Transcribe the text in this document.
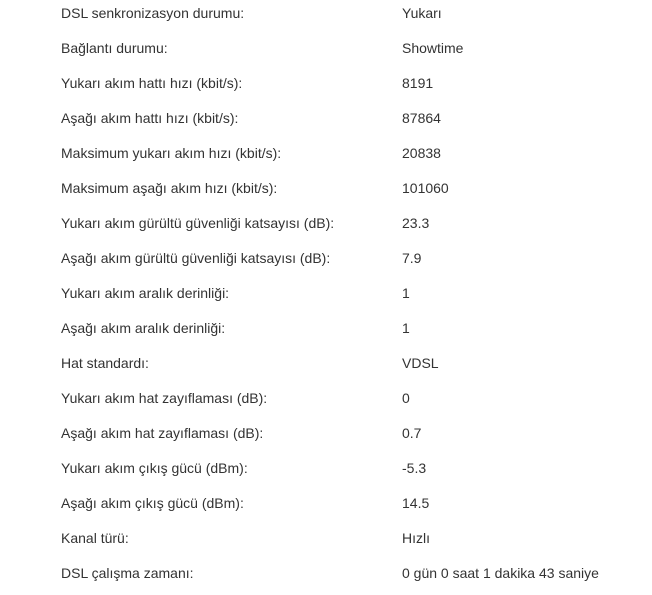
DSL senkronizasyon durumu:	Yukarı
Bağlantı durumu:	Showtime
Yukarı akım hattı hızı (kbit/s):	8191
Aşağı akım hattı hızı (kbit/s):	87864
Maksimum yukarı akım hızı (kbit/s):	20838
Maksimum aşağı akım hızı (kbit/s):	101060
Yukarı akım gürültü güvenliği katsayısı (dB):	23.3
Aşağı akım gürültü güvenliği katsayısı (dB):	7.9
Yukarı akım aralık derinliği:	1
Aşağı akım aralık derinliği:	1
Hat standardı:	VDSL
Yukarı akım hat zayıflaması (dB):	0
Aşağı akım hat zayıflaması (dB):	0.7
Yukarı akım çıkış gücü (dBm):	-5.3
Aşağı akım çıkış gücü (dBm):	14.5
Kanal türü:	Hızlı
DSL çalışma zamanı:	0 gün 0 saat 1 dakika 43 saniye
